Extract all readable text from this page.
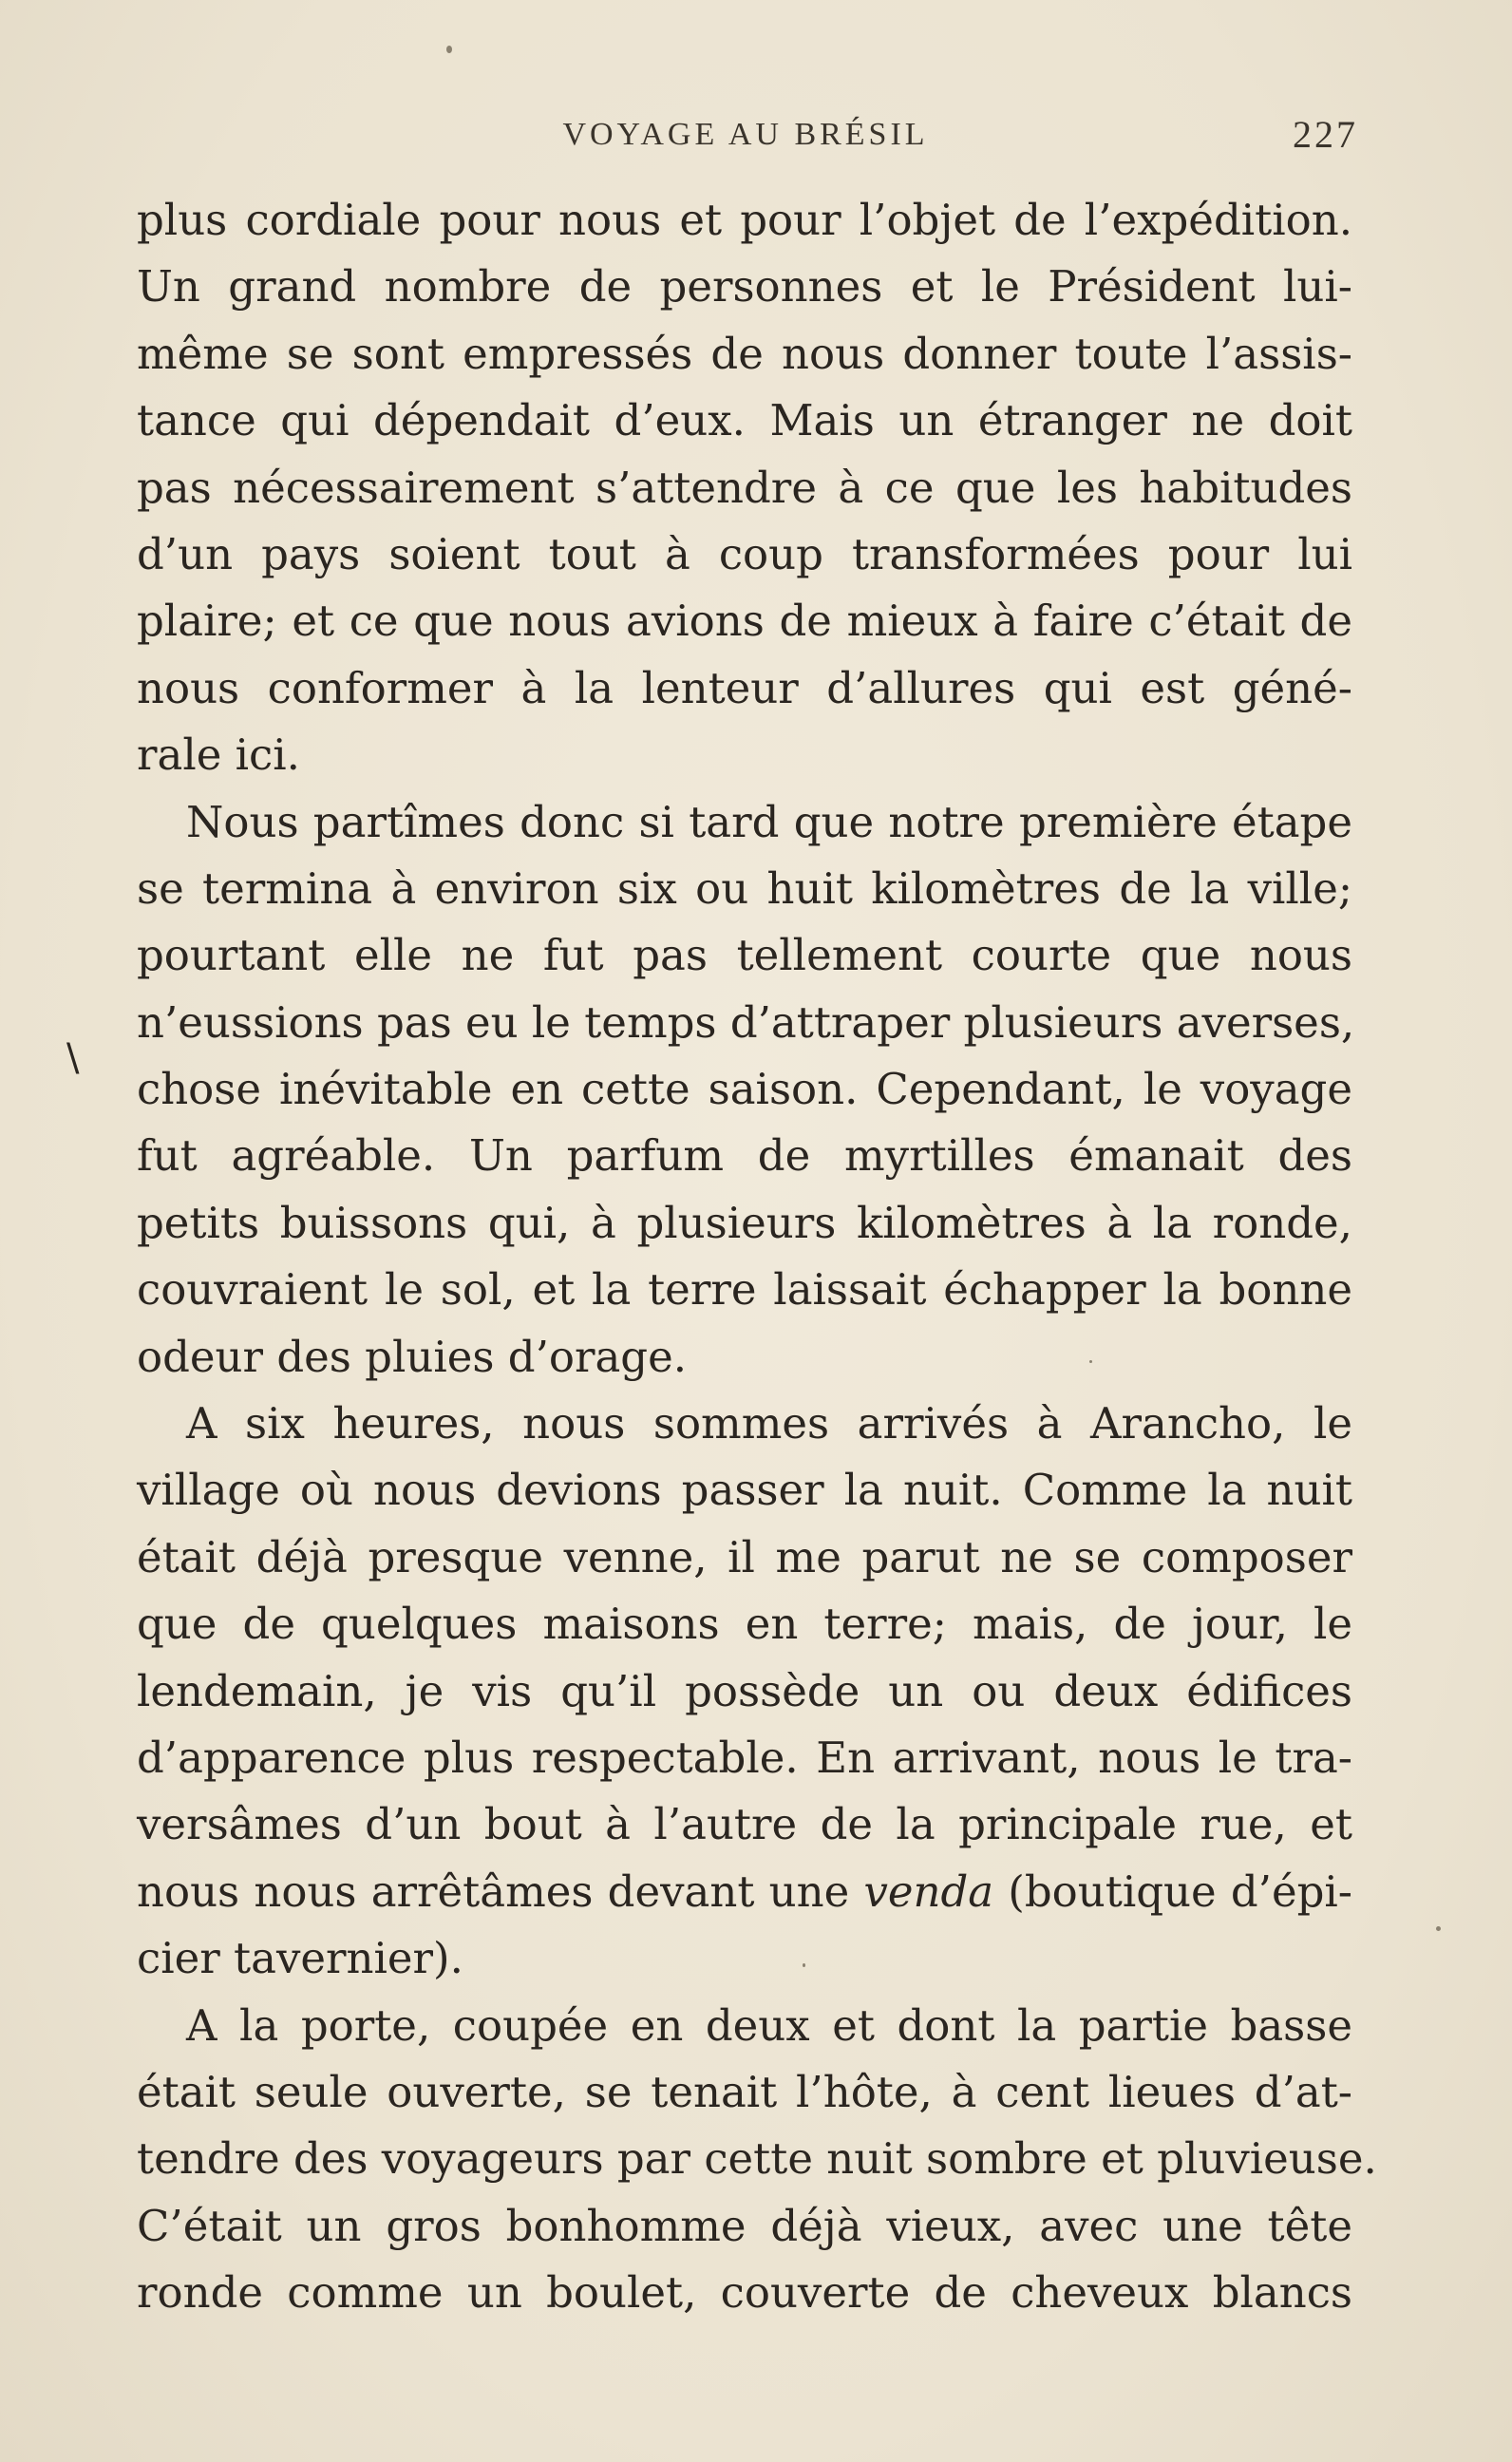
VOYAGE AU BRÉSIL	227
\
plus cordiale pour nous et pour l’objet de l’expédition.
Un grand nombre de personnes et le Président lui-
même se sont empressés de nous donner toute l’assis-
tance qui dépendait d’eux. Mais un étranger ne doit
pas nécessairement s’attendre à ce que les habitudes
d’un pays soient tout à coup transformées pour lui
plaire; et ce que nous avions de mieux à faire c’était de
nous conformer à la lenteur d’allures qui est géné-
rale ici.
Nous partîmes donc si tard que notre première étape
se termina à environ six ou huit kilomètres de la ville;
pourtant elle ne fut pas tellement courte que nous
n’eussions pas eu le temps d’attraper plusieurs averses,
chose inévitable en cette saison. Cependant, le voyage
fut agréable. Un parfum de myrtilles émanait des
petits buissons qui, à plusieurs kilomètres à la ronde,
couvraient le sol, et la terre laissait échapper la bonne
odeur des pluies d’orage.
A six heures, nous sommes arrivés à Arancho, le
village où nous devions passer la nuit. Comme la nuit
était déjà presque venne, il me parut ne se composer
que de quelques maisons en terre; mais, de jour, le
lendemain, je vis qu’il possède un ou deux édifices
d’apparence plus respectable. En arrivant, nous le tra-
versâmes d’un bout à l’autre de la principale rue, et
nous nous arrêtâmes devant une venda (boutique d’épi-
cier tavernier).
A la porte, coupée en deux et dont la partie basse
était seule ouverte, se tenait l’hôte, à cent lieues d’at-
tendre des voyageurs par cette nuit sombre et pluvieuse.
C’était un gros bonhomme déjà vieux, avec une tête
ronde comme un boulet, couverte de cheveux blancs
